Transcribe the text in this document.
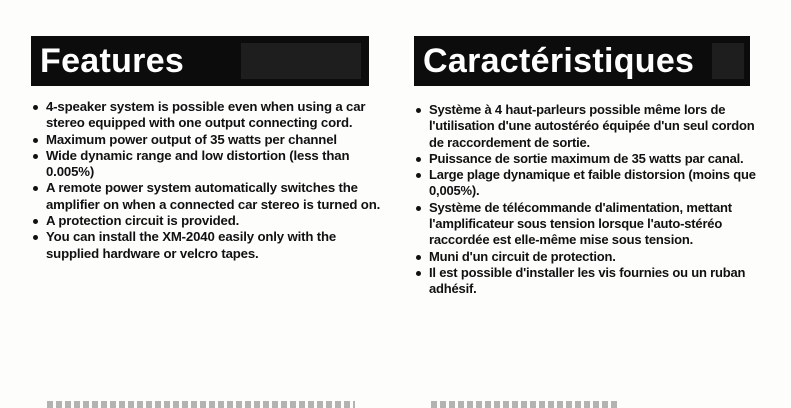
Features
4-speaker system is possible even when using a car stereo equipped with one output connecting cord.
Maximum power output of 35 watts per channel
Wide dynamic range and low distortion (less than 0.005%)
A remote power system automatically switches the amplifier on when a connected car stereo is turned on.
A protection circuit is provided.
You can install the XM-2040 easily only with the supplied hardware or velcro tapes.
Caractéristiques
Système à 4 haut-parleurs possible même lors de l'utilisation d'une autostéréo équipée d'un seul cordon de raccordement de sortie.
Puissance de sortie maximum de 35 watts par canal.
Large plage dynamique et faible distorsion (moins que 0,005%).
Système de télécommande d'alimentation, mettant l'amplificateur sous tension lorsque l'auto-stéréo raccordée est elle-même mise sous tension.
Muni d'un circuit de protection.
Il est possible d'installer les vis fournies ou un ruban adhésif.
